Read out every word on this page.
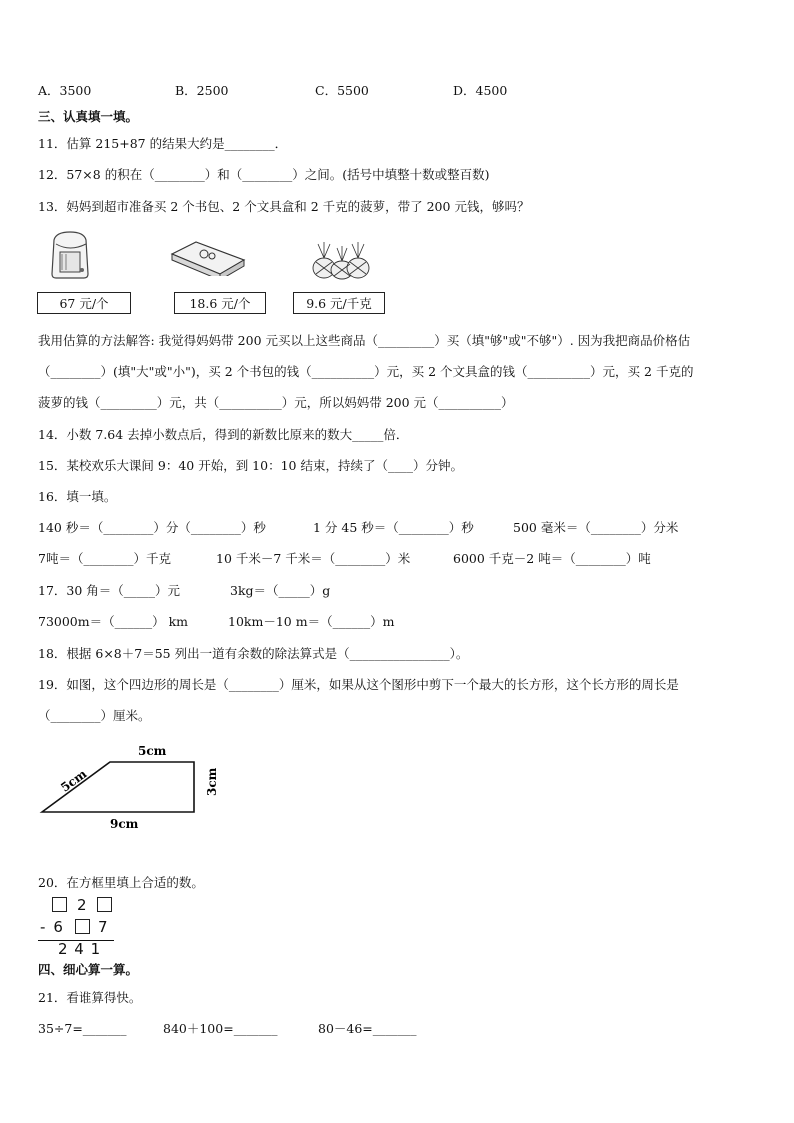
A．3500	B．2500	C．5500	D．4500
三、认真填一填。
11．估算 215+87 的结果大约是________．
12．57×8 的积在（________）和（________）之间。(括号中填整十数或整百数)
13．妈妈到超市准备买 2 个书包、2 个文具盒和 2 千克的菠萝，带了 200 元钱，够吗？
67 元/个	18.6 元/个	9.6 元/千克
我用估算的方法解答: 我觉得妈妈带 200 元买以上这些商品（_________）买（填"够"或"不够"）. 因为我把商品价格估
（________）(填"大"或"小")，买 2 个书包的钱（__________）元，买 2 个文具盒的钱（__________）元，买 2 千克的
菠萝的钱（_________）元，共（__________）元，所以妈妈带 200 元（__________）
14．小数 7.64 去掉小数点后，得到的新数比原来的数大_____倍．
15．某校欢乐大课间 9：40 开始，到 10：10 结束，持续了（____）分钟。
16．填一填。
140 秒＝（________）分（________）秒	1 分 45 秒＝（________）秒	500 毫米＝（________）分米
7吨＝（________）千克	10 千米－7 千米＝（________）米	6000 千克－2 吨＝（________）吨
17．30 角＝（_____）元	3kg＝（_____）g
73000m＝（______） km	10km－10 m＝（______）m
18．根据 6×8＋7＝55 列出一道有余数的除法算式是（________________）。
19．如图，这个四边形的周长是（________）厘米，如果从这个图形中剪下一个最大的长方形，这个长方形的周长是
（________）厘米。
5cm
5cm	3cm
9cm
20．在方框里填上合适的数。
2
- 6 7
2 4 1
四、细心算一算。
21．看谁算得快。
35÷7=_______	840＋100=_______	80－46=_______
